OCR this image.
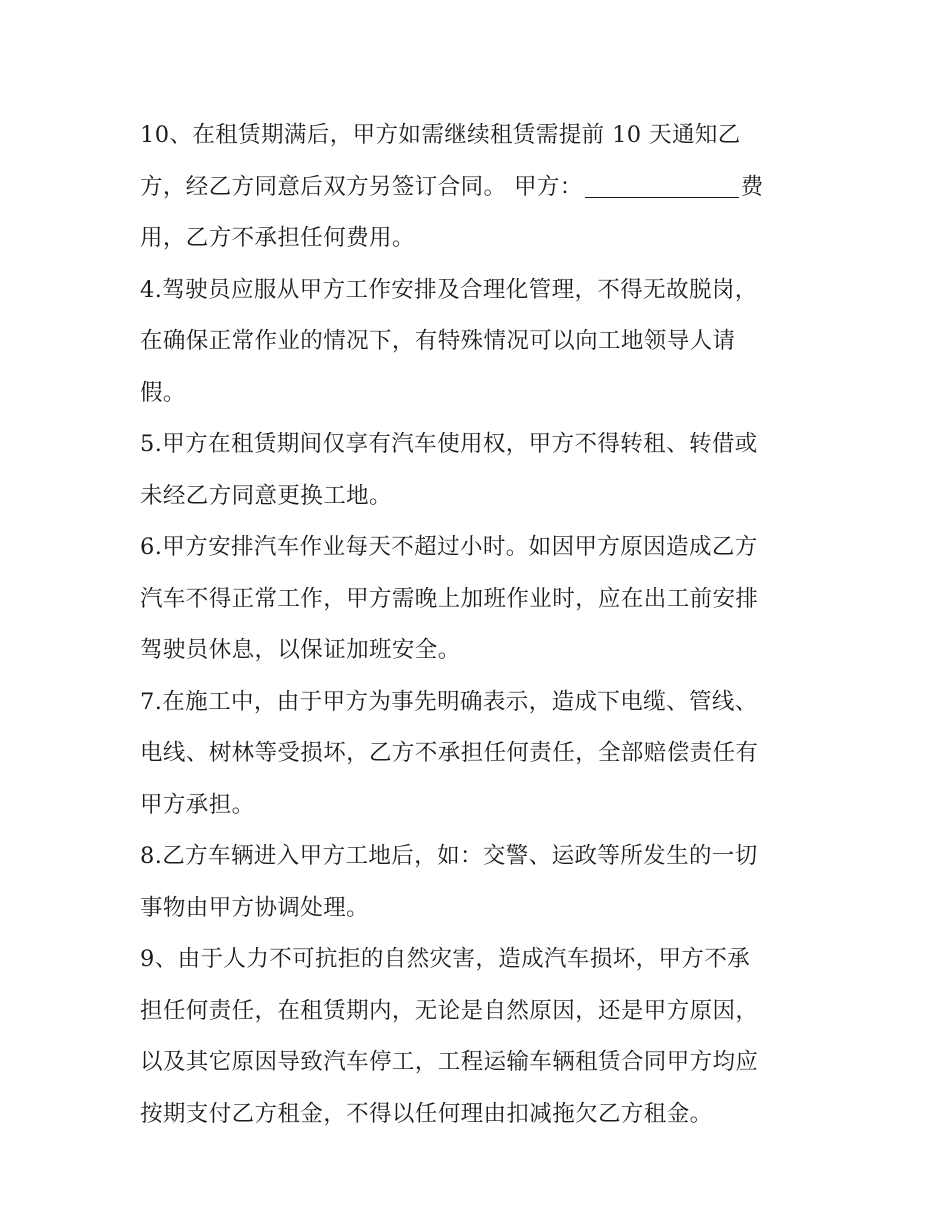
10、在租赁期满后，甲方如需继续租赁需提前 10 天通知乙
方，经乙方同意后双方另签订合同。 甲方：	费
用，乙方不承担任何费用。

4.驾驶员应服从甲方工作安排及合理化管理，不得无故脱岗，
在确保正常作业的情况下，有特殊情况可以向工地领导人请
假。

5.甲方在租赁期间仅享有汽车使用权，甲方不得转租、转借或
未经乙方同意更换工地。

6.甲方安排汽车作业每天不超过小时。如因甲方原因造成乙方
汽车不得正常工作，甲方需晚上加班作业时，应在出工前安排
驾驶员休息，以保证加班安全。

7.在施工中，由于甲方为事先明确表示，造成下电缆、管线、
电线、树林等受损坏，乙方不承担任何责任，全部赔偿责任有
甲方承担。

8.乙方车辆进入甲方工地后，如：交警、运政等所发生的一切
事物由甲方协调处理。

9、由于人力不可抗拒的自然灾害，造成汽车损坏，甲方不承
担任何责任，在租赁期内，无论是自然原因，还是甲方原因，
以及其它原因导致汽车停工，工程运输车辆租赁合同甲方均应
按期支付乙方租金，不得以任何理由扣减拖欠乙方租金。
